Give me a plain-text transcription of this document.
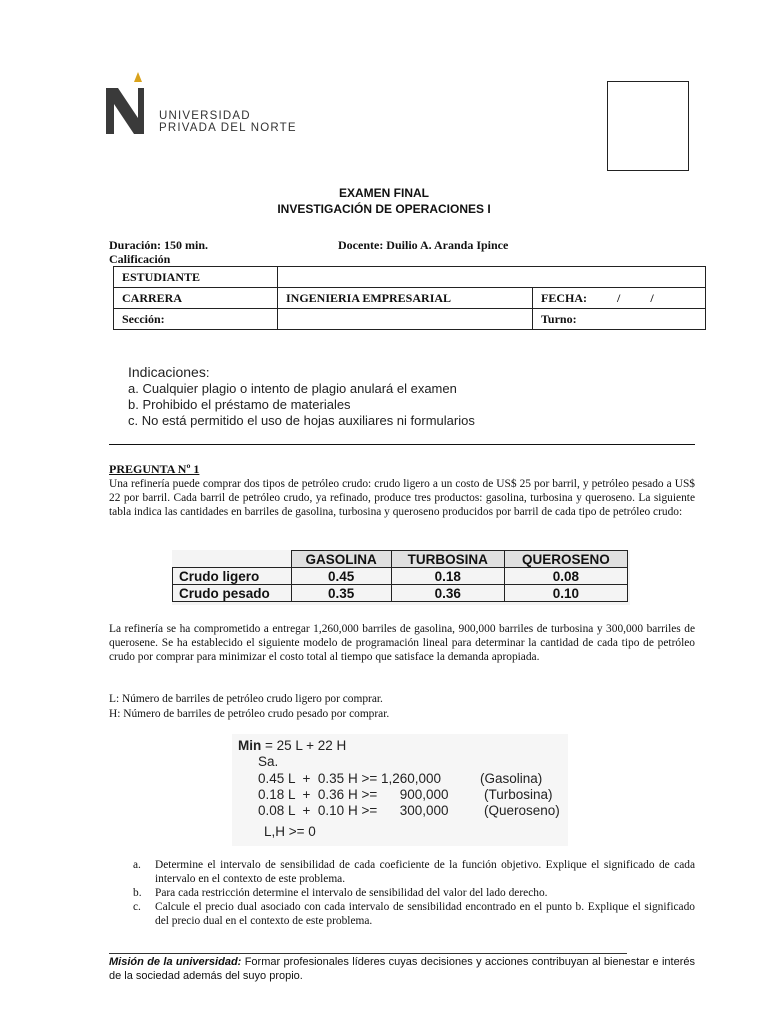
UNIVERSIDAD
PRIVADA DEL NORTE
EXAMEN FINAL
INVESTIGACIÓN DE OPERACIONES I
Duración: 150 min.	Docente: Duilio A. Aranda Ipince
Calificación
ESTUDIANTE		
CARRERA	INGENIERIA EMPRESARIAL	FECHA:          /          /
Sección:		Turno:
Indicaciones:
a. Cualquier plagio o intento de plagio anulará el examen
b. Prohibido el préstamo de materiales
c. No está permitido el uso de hojas auxiliares ni formularios
PREGUNTA Nº 1
Una refinería puede comprar dos tipos de petróleo crudo: crudo ligero a un costo de US$ 25 por barril, y petróleo pesado a US$ 22 por barril. Cada barril de petróleo crudo, ya refinado, produce tres productos: gasolina, turbosina y queroseno. La siguiente tabla indica las cantidades en barriles de gasolina, turbosina y queroseno producidos por barril de cada tipo de petróleo crudo:
	GASOLINA	TURBOSINA	QUEROSENO
Crudo ligero	0.45	0.18	0.08
Crudo pesado	0.35	0.36	0.10
La refinería se ha comprometido a entregar 1,260,000 barriles de gasolina, 900,000 barriles de turbosina y 300,000 barriles de querosene. Se ha establecido el siguiente modelo de programación lineal para determinar la cantidad de cada tipo de petróleo crudo por comprar para minimizar el costo total al tiempo que satisface la demanda apropiada.
L: Número de barriles de petróleo crudo ligero por comprar.
H: Número de barriles de petróleo crudo pesado por comprar.
Min = 25 L + 22 H
Sa.
0.45 L  +  0.35 H >= 1,260,000	(Gasolina)
0.18 L  +  0.36 H >=      900,000	(Turbosina)
0.08 L  +  0.10 H >=      300,000	(Queroseno)
L,H >= 0
a. Determine el intervalo de sensibilidad de cada coeficiente de la función objetivo. Explique el significado de cada intervalo en el contexto de este problema.
b. Para cada restricción determine el intervalo de sensibilidad del valor del lado derecho.
c. Calcule el precio dual asociado con cada intervalo de sensibilidad encontrado en el punto b. Explique el significado del precio dual en el contexto de este problema.
Misión de la universidad: Formar profesionales líderes cuyas decisiones y acciones contribuyan al bienestar e interés de la sociedad además del suyo propio.
